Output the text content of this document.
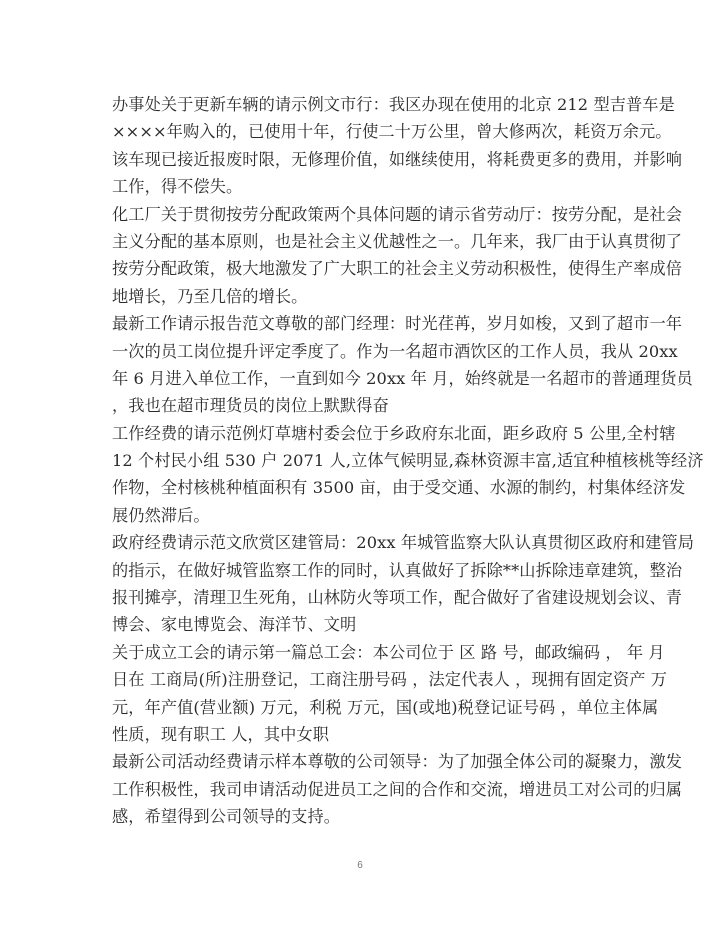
办事处关于更新车辆的请示例文市行：我区办现在使用的北京 212 型吉普车是
××××年购入的，已使用十年，行使二十万公里，曾大修两次，耗资万余元。
该车现已接近报废时限，无修理价值，如继续使用，将耗费更多的费用，并影响
工作，得不偿失。
化工厂关于贯彻按劳分配政策两个具体问题的请示省劳动厅：按劳分配，是社会
主义分配的基本原则，也是社会主义优越性之一。几年来，我厂由于认真贯彻了
按劳分配政策，极大地激发了广大职工的社会主义劳动积极性，使得生产率成倍
地增长，乃至几倍的增长。
最新工作请示报告范文尊敬的部门经理：时光荏苒，岁月如梭，又到了超市一年
一次的员工岗位提升评定季度了。作为一名超市酒饮区的工作人员，我从 20xx
年 6 月进入单位工作，一直到如今 20xx 年 月，始终就是一名超市的普通理货员
，我也在超市理货员的岗位上默默得奋
工作经费的请示范例灯草塘村委会位于乡政府东北面，距乡政府 5 公里,全村辖
12 个村民小组 530 户 2071 人,立体气候明显,森林资源丰富,适宜种植核桃等经济
作物，全村核桃种植面积有 3500 亩，由于受交通、水源的制约，村集体经济发
展仍然滞后。
政府经费请示范文欣赏区建管局：20xx 年城管监察大队认真贯彻区政府和建管局
的指示，在做好城管监察工作的同时，认真做好了拆除**山拆除违章建筑，整治
报刊摊亭，清理卫生死角，山林防火等项工作，配合做好了省建设规划会议、青
博会、家电博览会、海洋节、文明
关于成立工会的请示第一篇总工会：本公司位于 区 路 号，邮政编码 ， 年 月
日在 工商局(所)注册登记，工商注册号码 ，法定代表人 ，现拥有固定资产 万
元，年产值(营业额) 万元，利税 万元，国(或地)税登记证号码 ，单位主体属
性质，现有职工 人，其中女职
最新公司活动经费请示样本尊敬的公司领导：为了加强全体公司的凝聚力，激发
工作积极性，我司申请活动促进员工之间的合作和交流，增进员工对公司的归属
感，希望得到公司领导的支持。
6
